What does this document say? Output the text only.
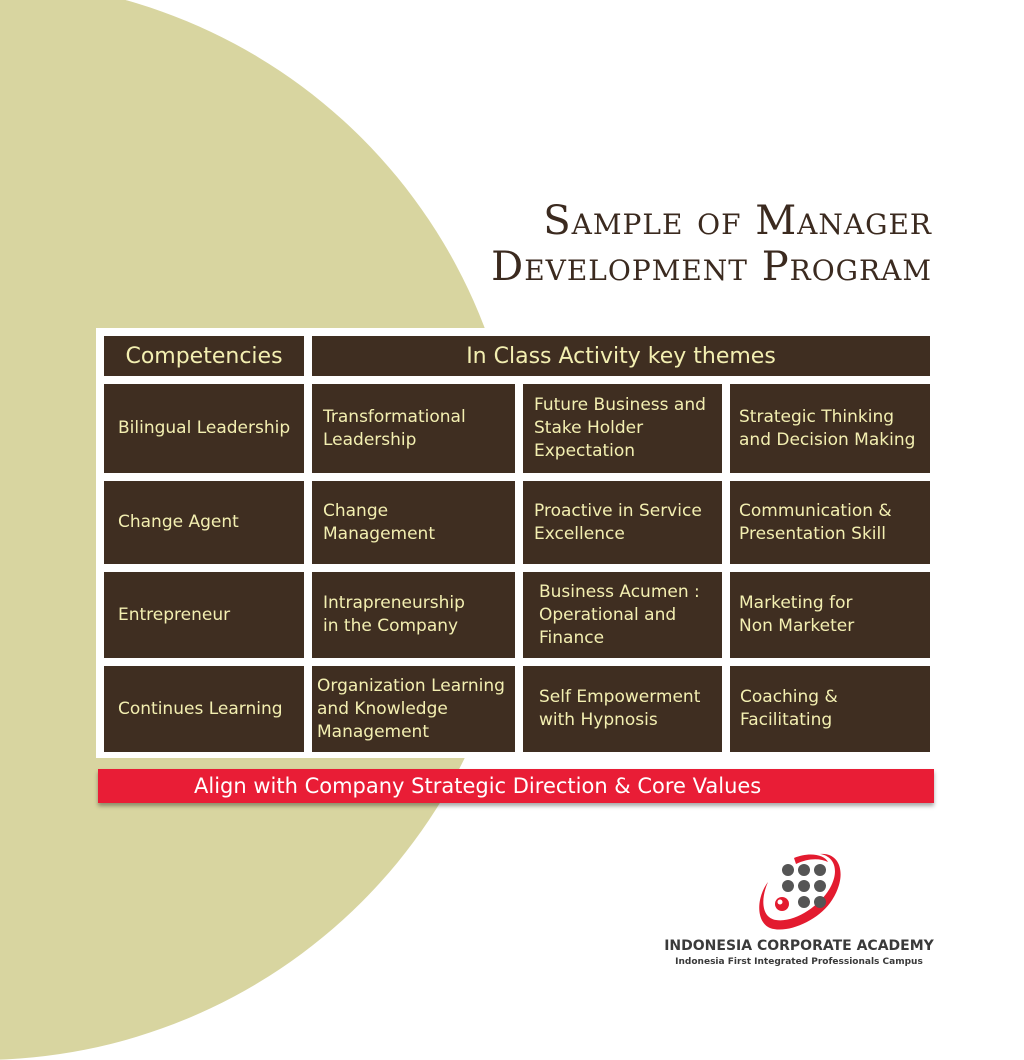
Sample of Manager
Development Program
Competencies	In Class Activity key themes
Bilingual Leadership
Transformational
Leadership
Future Business and
Stake Holder
Expectation
Strategic Thinking
and Decision Making
Change Agent
Change
Management
Proactive in Service
Excellence
Communication &
Presentation Skill
Entrepreneur
Intrapreneurship
in the Company
Business Acumen :
Operational and
Finance
Marketing for
Non Marketer
Continues Learning
Organization Learning
and Knowledge
Management
Self Empowerment
with Hypnosis
Coaching &
Facilitating
Align with Company Strategic Direction & Core Values
INDONESIA CORPORATE ACADEMY
Indonesia First Integrated Professionals Campus
